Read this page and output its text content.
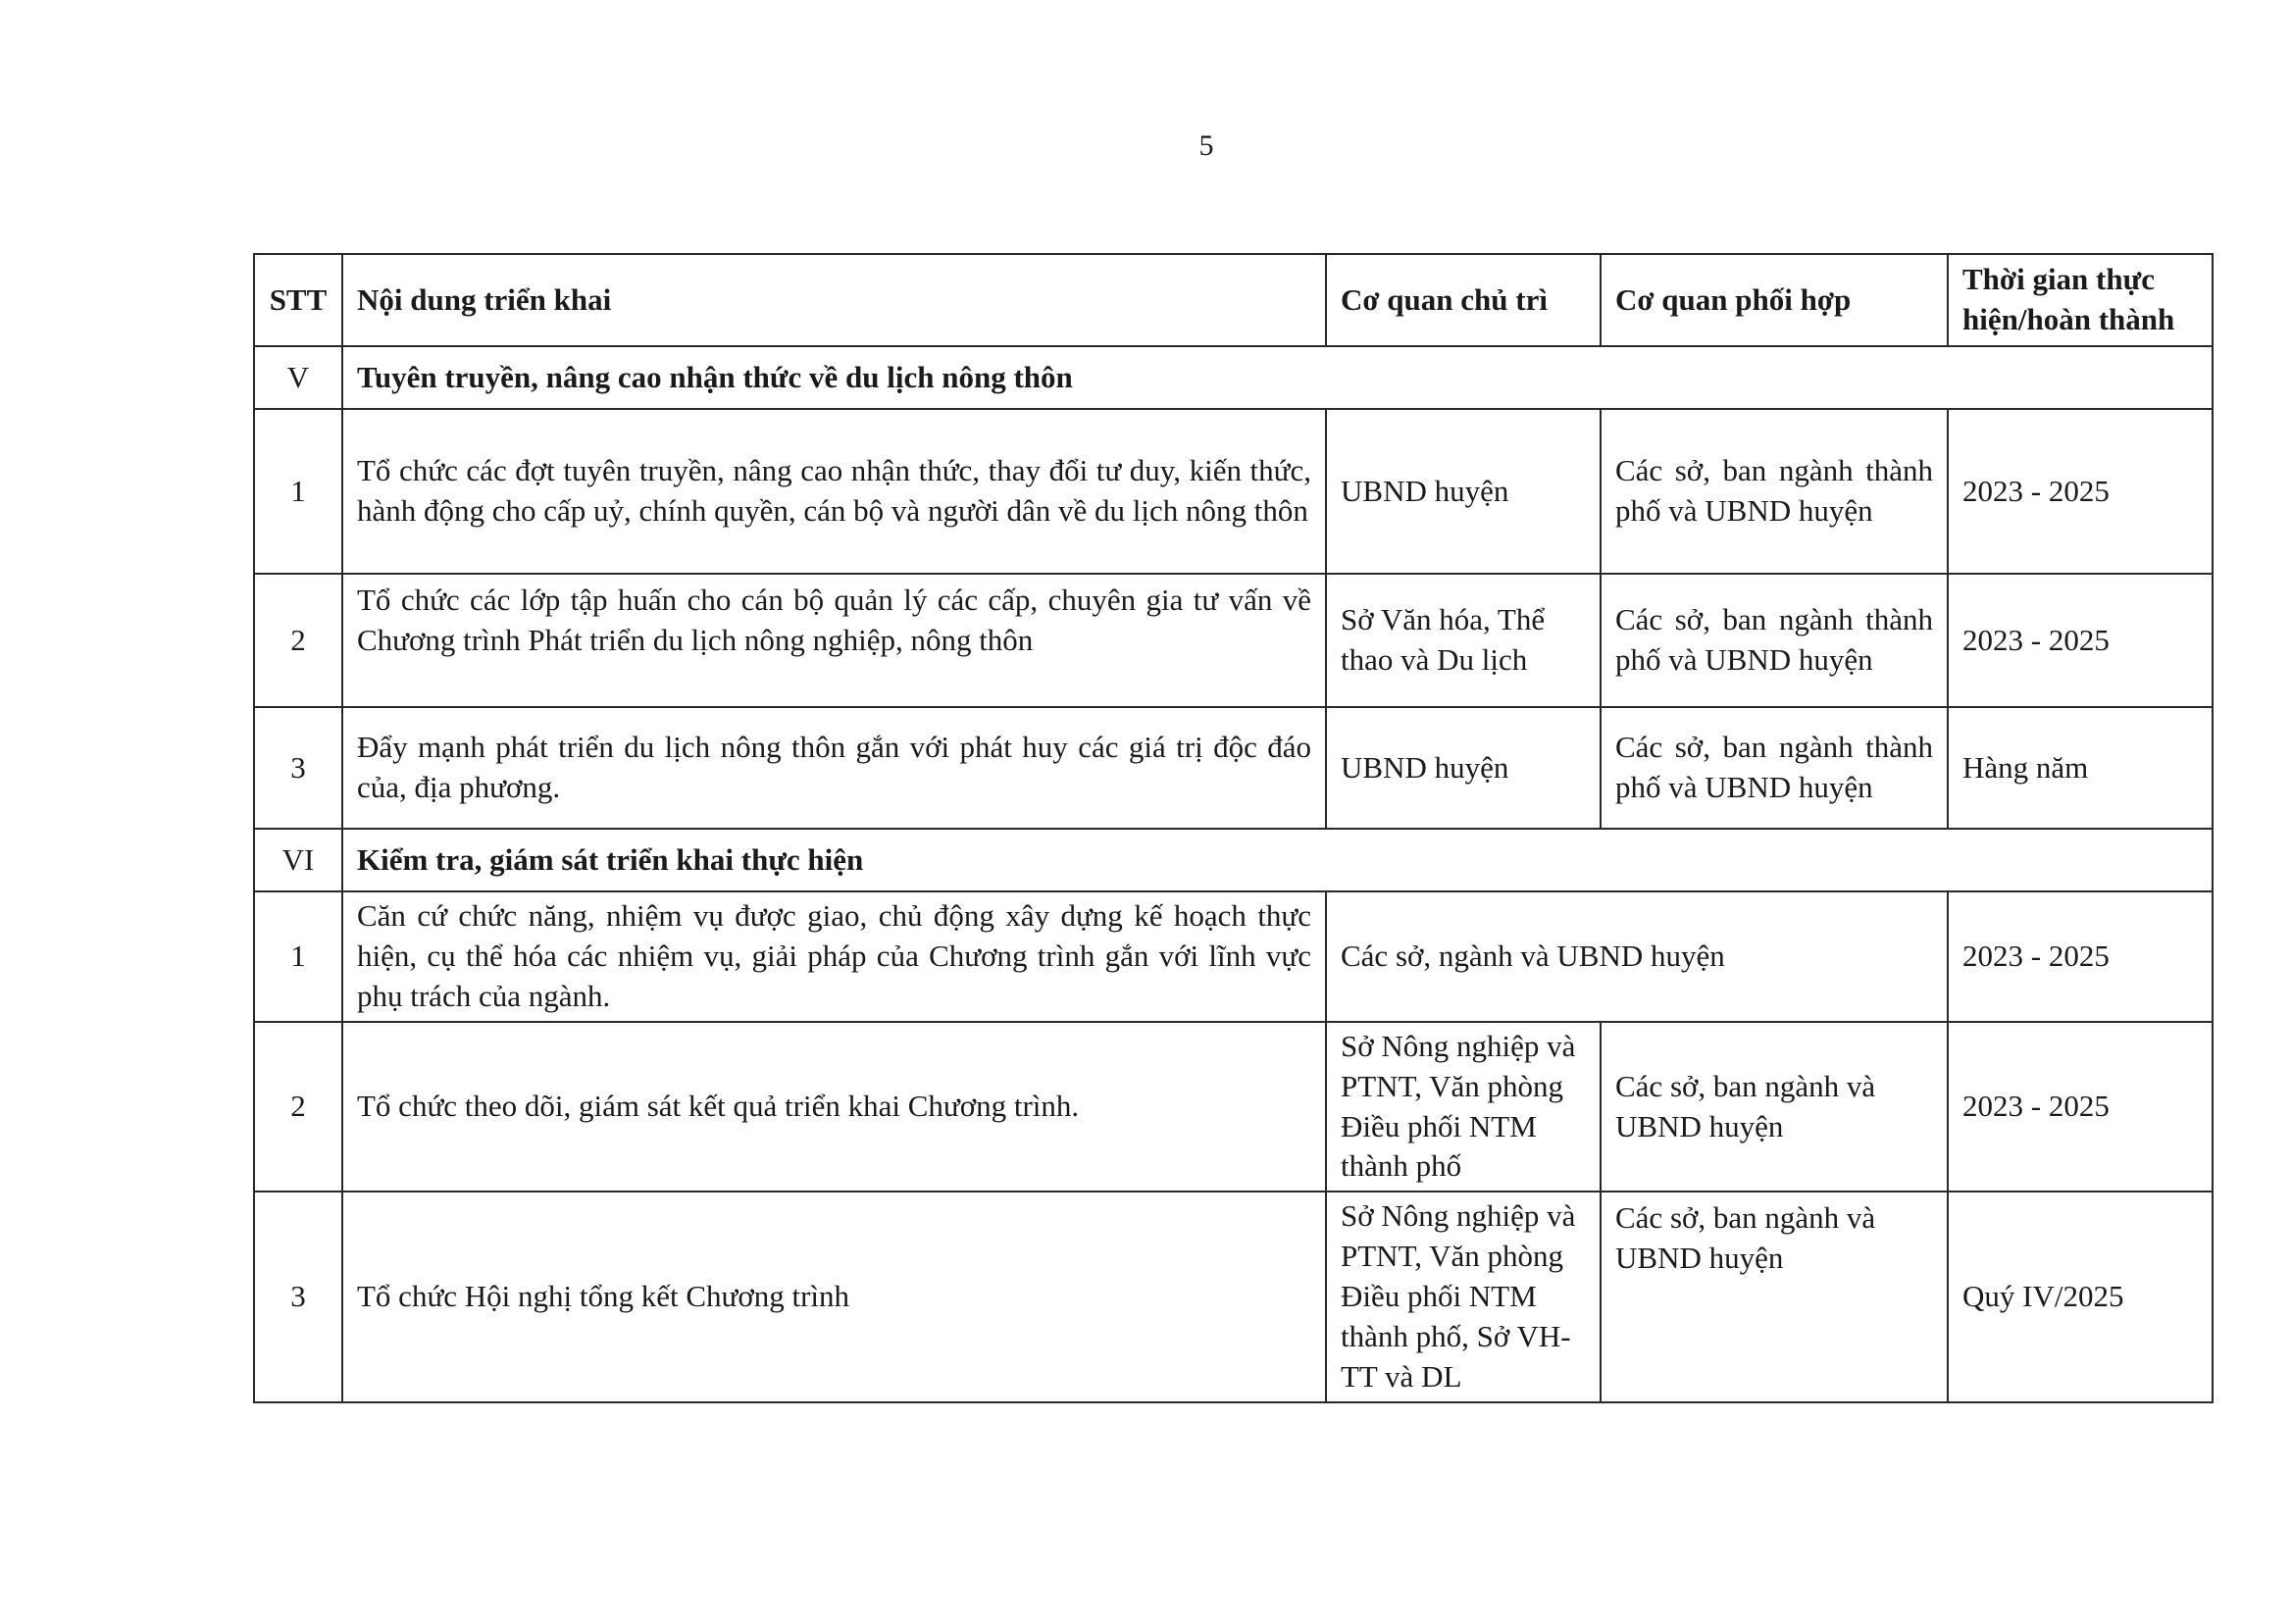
5
STT	Nội dung triển khai	Cơ quan chủ trì	Cơ quan phối hợp	Thời gian thực hiện/hoàn thành
V	Tuyên truyền, nâng cao nhận thức về du lịch nông thôn			
1	Tổ chức các đợt tuyên truyền, nâng cao nhận thức, thay đổi tư duy, kiến thức, hành động cho cấp uỷ, chính quyền, cán bộ và người dân về du lịch nông thôn	UBND huyện	Các sở, ban ngành thành phố và UBND huyện	2023 - 2025
2	Tổ chức các lớp tập huấn cho cán bộ quản lý các cấp, chuyên gia tư vấn về Chương trình Phát triển du lịch nông nghiệp, nông thôn	Sở Văn hóa, Thể thao và Du lịch	Các sở, ban ngành thành phố và UBND huyện	2023 - 2025
3	Đẩy mạnh phát triển du lịch nông thôn gắn với phát huy các giá trị độc đáo của, địa phương.	UBND huyện	Các sở, ban ngành thành phố và UBND huyện	Hàng năm
VI	Kiểm tra, giám sát triển khai thực hiện			
1	Căn cứ chức năng, nhiệm vụ được giao, chủ động xây dựng kế hoạch thực hiện, cụ thể hóa các nhiệm vụ, giải pháp của Chương trình gắn với lĩnh vực phụ trách của ngành.	Các sở, ngành và UBND huyện		2023 - 2025
2	Tổ chức theo dõi, giám sát kết quả triển khai Chương trình.	Sở Nông nghiệp và PTNT, Văn phòng Điều phối NTM thành phố	Các sở, ban ngành và UBND huyện	2023 - 2025
3	Tổ chức Hội nghị tổng kết Chương trình	Sở Nông nghiệp và PTNT, Văn phòng Điều phối NTM thành phố, Sở VH-TT và DL	Các sở, ban ngành và UBND huyện	Quý IV/2025
